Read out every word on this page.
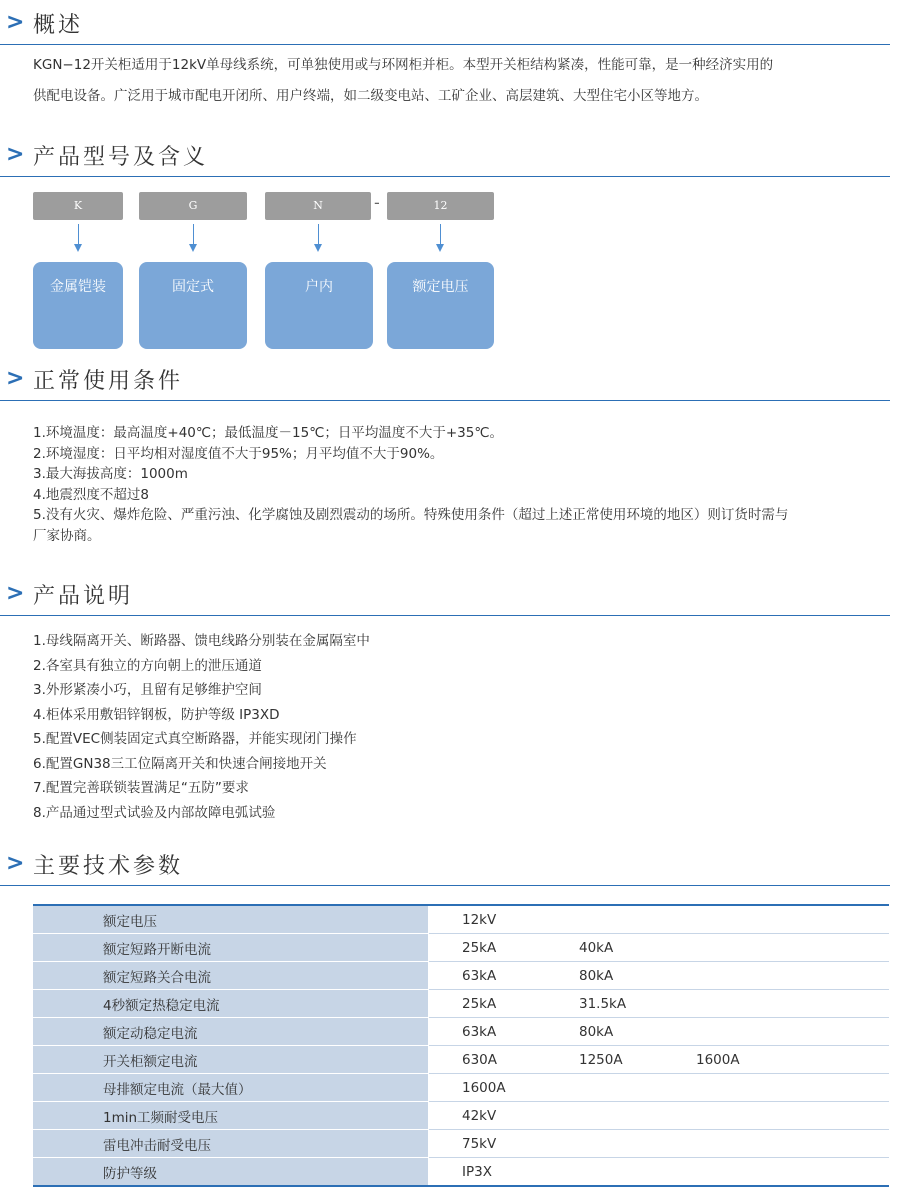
> 概述
KGN−12开关柜适用于12kV单母线系统，可单独使用或与环网柜并柜。本型开关柜结构紧凑，性能可靠，是一种经济实用的
供配电设备。广泛用于城市配电开闭所、用户终端，如二级变电站、工矿企业、高层建筑、大型住宅小区等地方。
> 产品型号及含义
K	G	N	-	12
金属铠装	固定式	户内	额定电压
> 正常使用条件
1.环境温度：最高温度+40℃；最低温度－15℃；日平均温度不大于+35℃。
2.环境湿度：日平均相对湿度值不大于95%；月平均值不大于90%。
3.最大海拔高度：1000m
4.地震烈度不超过8
5.没有火灾、爆炸危险、严重污浊、化学腐蚀及剧烈震动的场所。特殊使用条件（超过上述正常使用环境的地区）则订货时需与
厂家协商。
> 产品说明
1.母线隔离开关、断路器、馈电线路分别装在金属隔室中
2.各室具有独立的方向朝上的泄压通道
3.外形紧凑小巧，且留有足够维护空间
4.柜体采用敷铝锌钢板，防护等级 IP3XD
5.配置VEC侧装固定式真空断路器，并能实现闭门操作
6.配置GN38三工位隔离开关和快速合闸接地开关
7.配置完善联锁装置满足“五防”要求
8.产品通过型式试验及内部故障电弧试验
> 主要技术参数
额定电压	12kV		
额定短路开断电流	25kA	40kA	
额定短路关合电流	63kA	80kA	
4秒额定热稳定电流	25kA	31.5kA	
额定动稳定电流	63kA	80kA	
开关柜额定电流	630A	1250A	1600A
母排额定电流（最大值）	1600A		
1min工频耐受电压	42kV		
雷电冲击耐受电压	75kV		
防护等级	IP3X		
